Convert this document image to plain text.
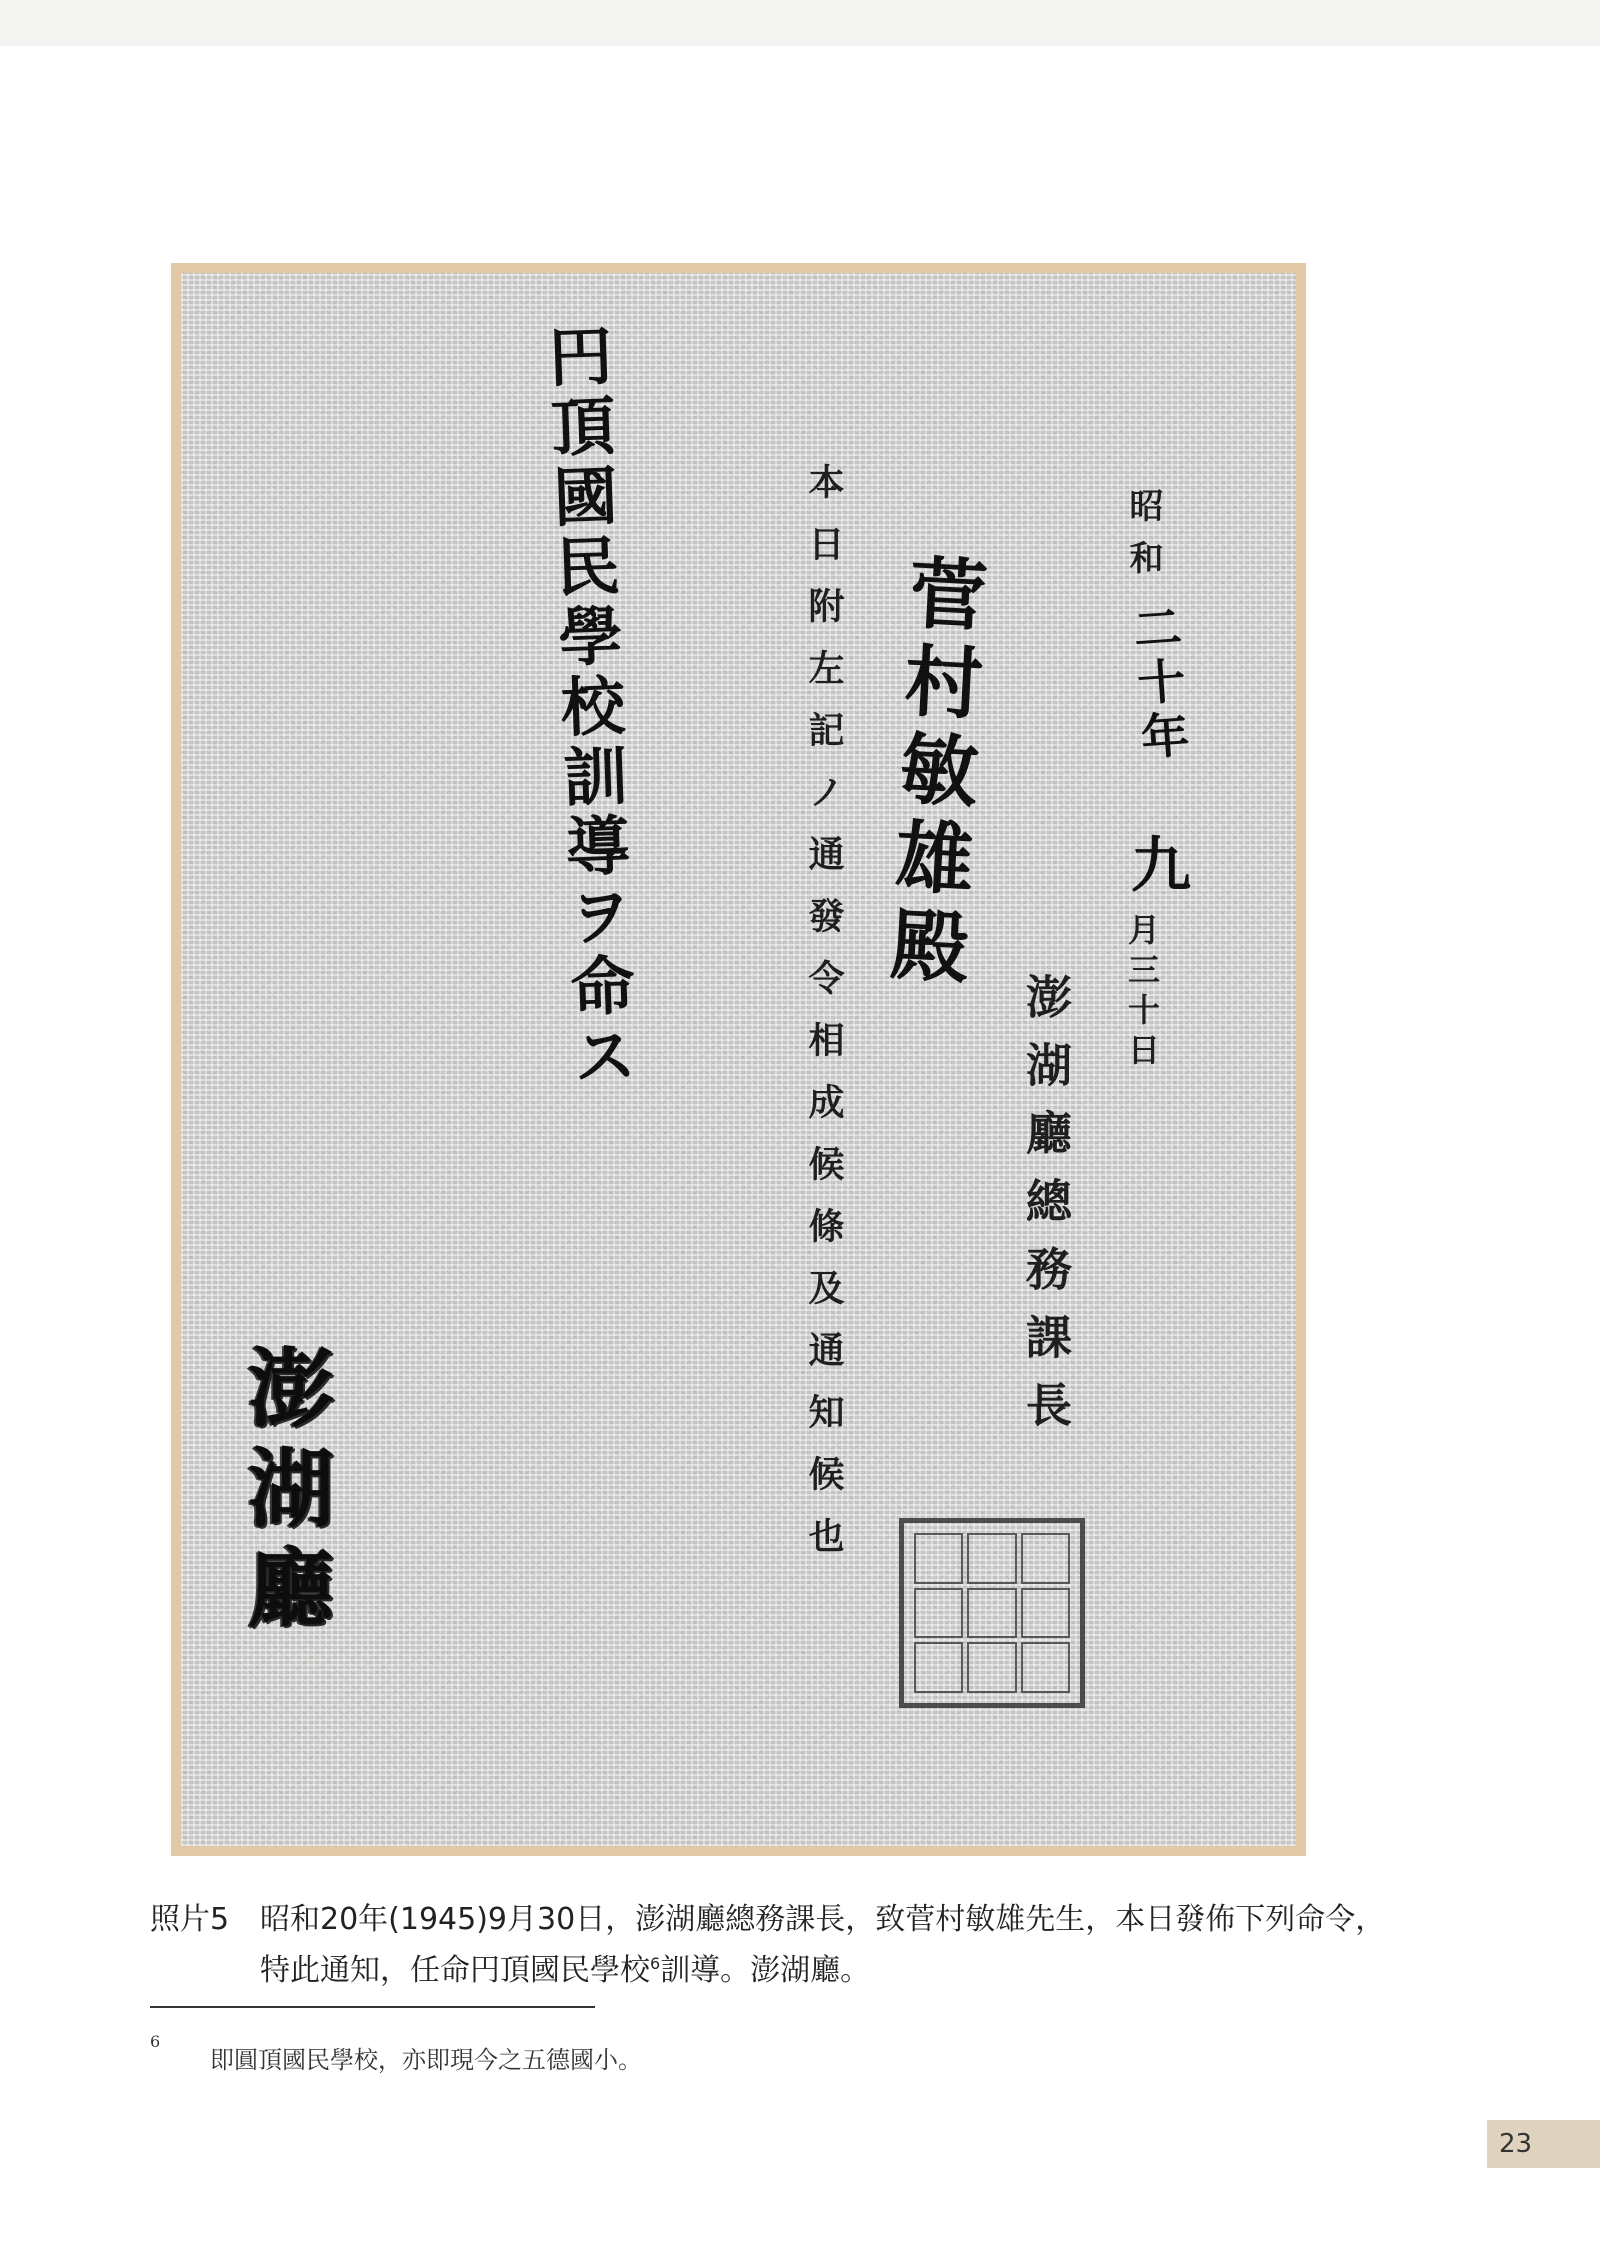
昭和
二十年
九
月三十日
澎湖廳總務課長
菅村敏雄殿
本日附左記ノ通發令相成候條及通知候也
円頂國民學校訓導ヲ命ス
澎湖廳
照片5 昭和20年(1945)9月30日，澎湖廳總務課長，致菅村敏雄先生，本日發佈下列命令，特此通知，任命円頂國民學校$^6$訓導。澎湖廳。
6
即圓頂國民學校，亦即現今之五德國小。
23
